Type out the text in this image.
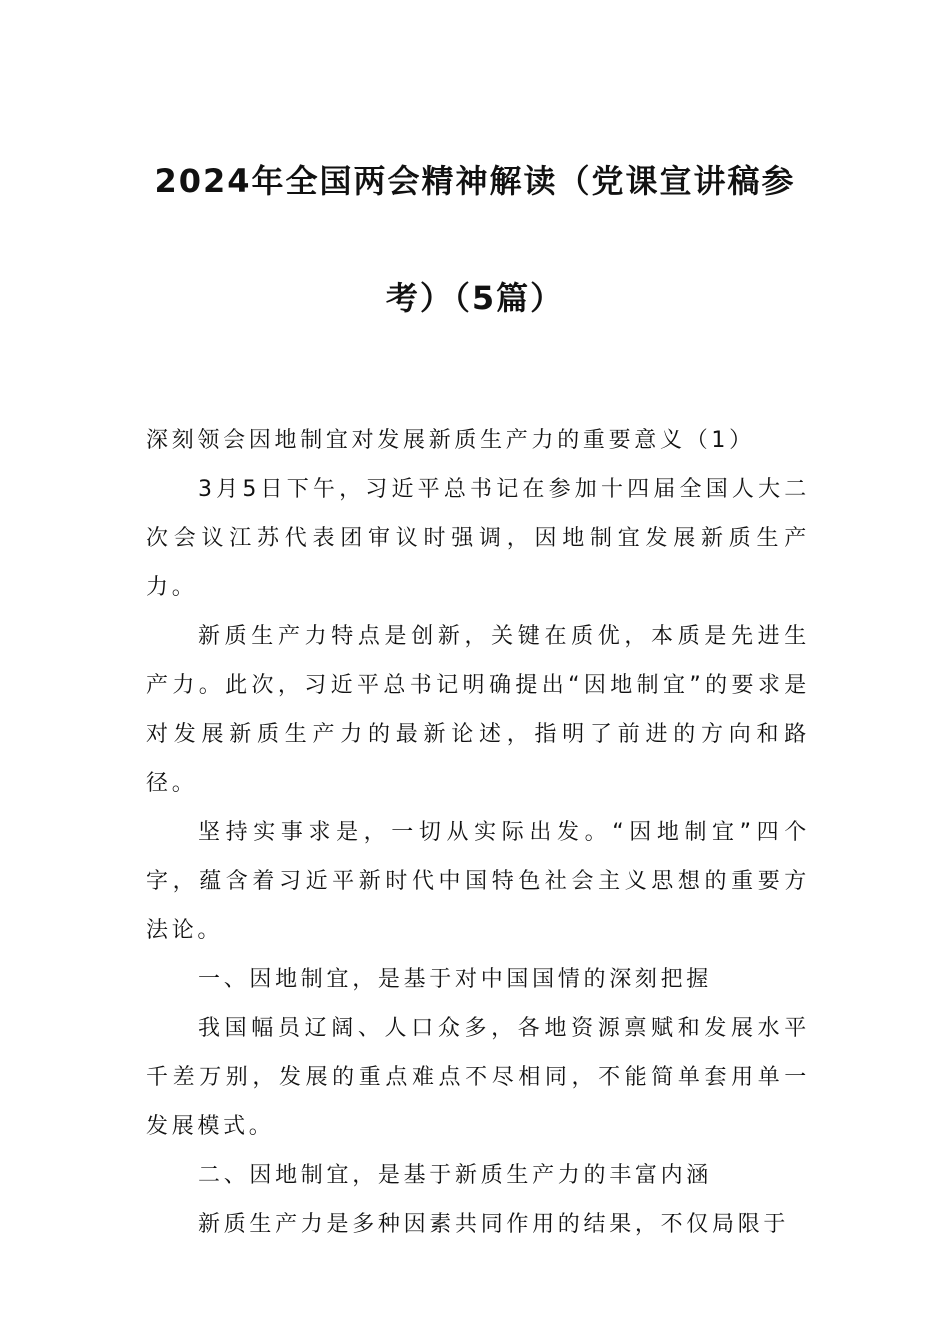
2024年全国两会精神解读（党课宣讲稿参
考）（5篇）

深刻领会因地制宜对发展新质生产力的重要意义（1）

3月5日下午，习近平总书记在参加十四届全国人大二次会议江苏代表团审议时强调，因地制宜发展新质生产力。

新质生产力特点是创新，关键在质优，本质是先进生产力。此次，习近平总书记明确提出“因地制宜”的要求是对发展新质生产力的最新论述，指明了前进的方向和路径。

坚持实事求是，一切从实际出发。“因地制宜”四个字，蕴含着习近平新时代中国特色社会主义思想的重要方法论。

一、因地制宜，是基于对中国国情的深刻把握

我国幅员辽阔、人口众多，各地资源禀赋和发展水平千差万别，发展的重点难点不尽相同，不能简单套用单一发展模式。

二、因地制宜，是基于新质生产力的丰富内涵

新质生产力是多种因素共同作用的结果，不仅局限于
